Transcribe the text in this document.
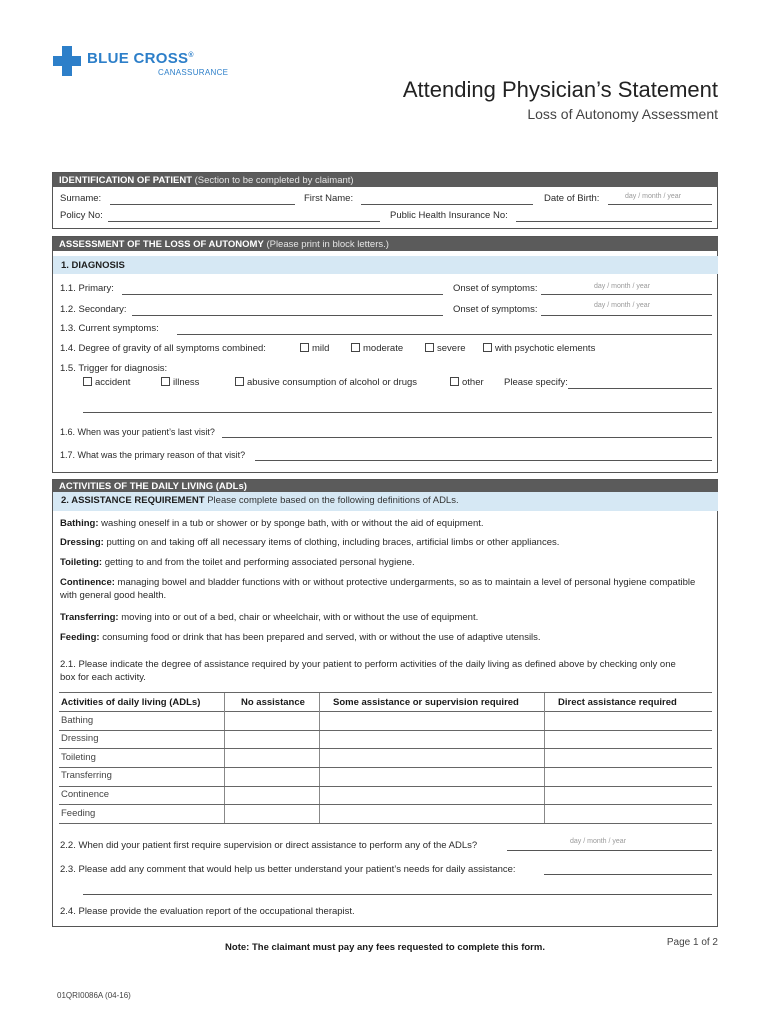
BLUE CROSS®
CANASSURANCE
Attending Physician’s Statement
Loss of Autonomy Assessment
IDENTIFICATION OF PATIENT (Section to be completed by claimant)
Surname:	First Name:	Date of Birth:	day / month / year
Policy No:	Public Health Insurance No:
ASSESSMENT OF THE LOSS OF AUTONOMY (Please print in block letters.)
1. DIAGNOSIS
1.1. Primary:	Onset of symptoms:	day / month / year
1.2. Secondary:	Onset of symptoms:	day / month / year
1.3. Current symptoms:
1.4. Degree of gravity of all symptoms combined:	mild	moderate	severe	with psychotic elements
1.5. Trigger for diagnosis:
accident	illness	abusive consumption of alcohol or drugs	other Please specify:
1.6. When was your patient’s last visit?
1.7. What was the primary reason of that visit?
ACTIVITIES OF THE DAILY LIVING (ADLs)
2. ASSISTANCE REQUIREMENT Please complete based on the following definitions of ADLs.
Bathing: washing oneself in a tub or shower or by sponge bath, with or without the aid of equipment.
Dressing: putting on and taking off all necessary items of clothing, including braces, artificial limbs or other appliances.
Toileting: getting to and from the toilet and performing associated personal hygiene.
Continence: managing bowel and bladder functions with or without protective undergarments, so as to maintain a level of personal hygiene compatible with general good health.
Transferring: moving into or out of a bed, chair or wheelchair, with or without the use of equipment.
Feeding: consuming food or drink that has been prepared and served, with or without the use of adaptive utensils.
2.1. Please indicate the degree of assistance required by your patient to perform activities of the daily living as defined above by checking only one box for each activity.
Activities of daily living (ADLs)	No assistance	Some assistance or supervision required	Direct assistance required
Bathing
Dressing
Toileting
Transferring
Continence
Feeding
2.2. When did your patient first require supervision or direct assistance to perform any of the ADLs?	day / month / year
2.3. Please add any comment that would help us better understand your patient’s needs for daily assistance:
2.4. Please provide the evaluation report of the occupational therapist.
Note: The claimant must pay any fees requested to complete this form.	Page 1 of 2
01QRI0086A (04-16)
